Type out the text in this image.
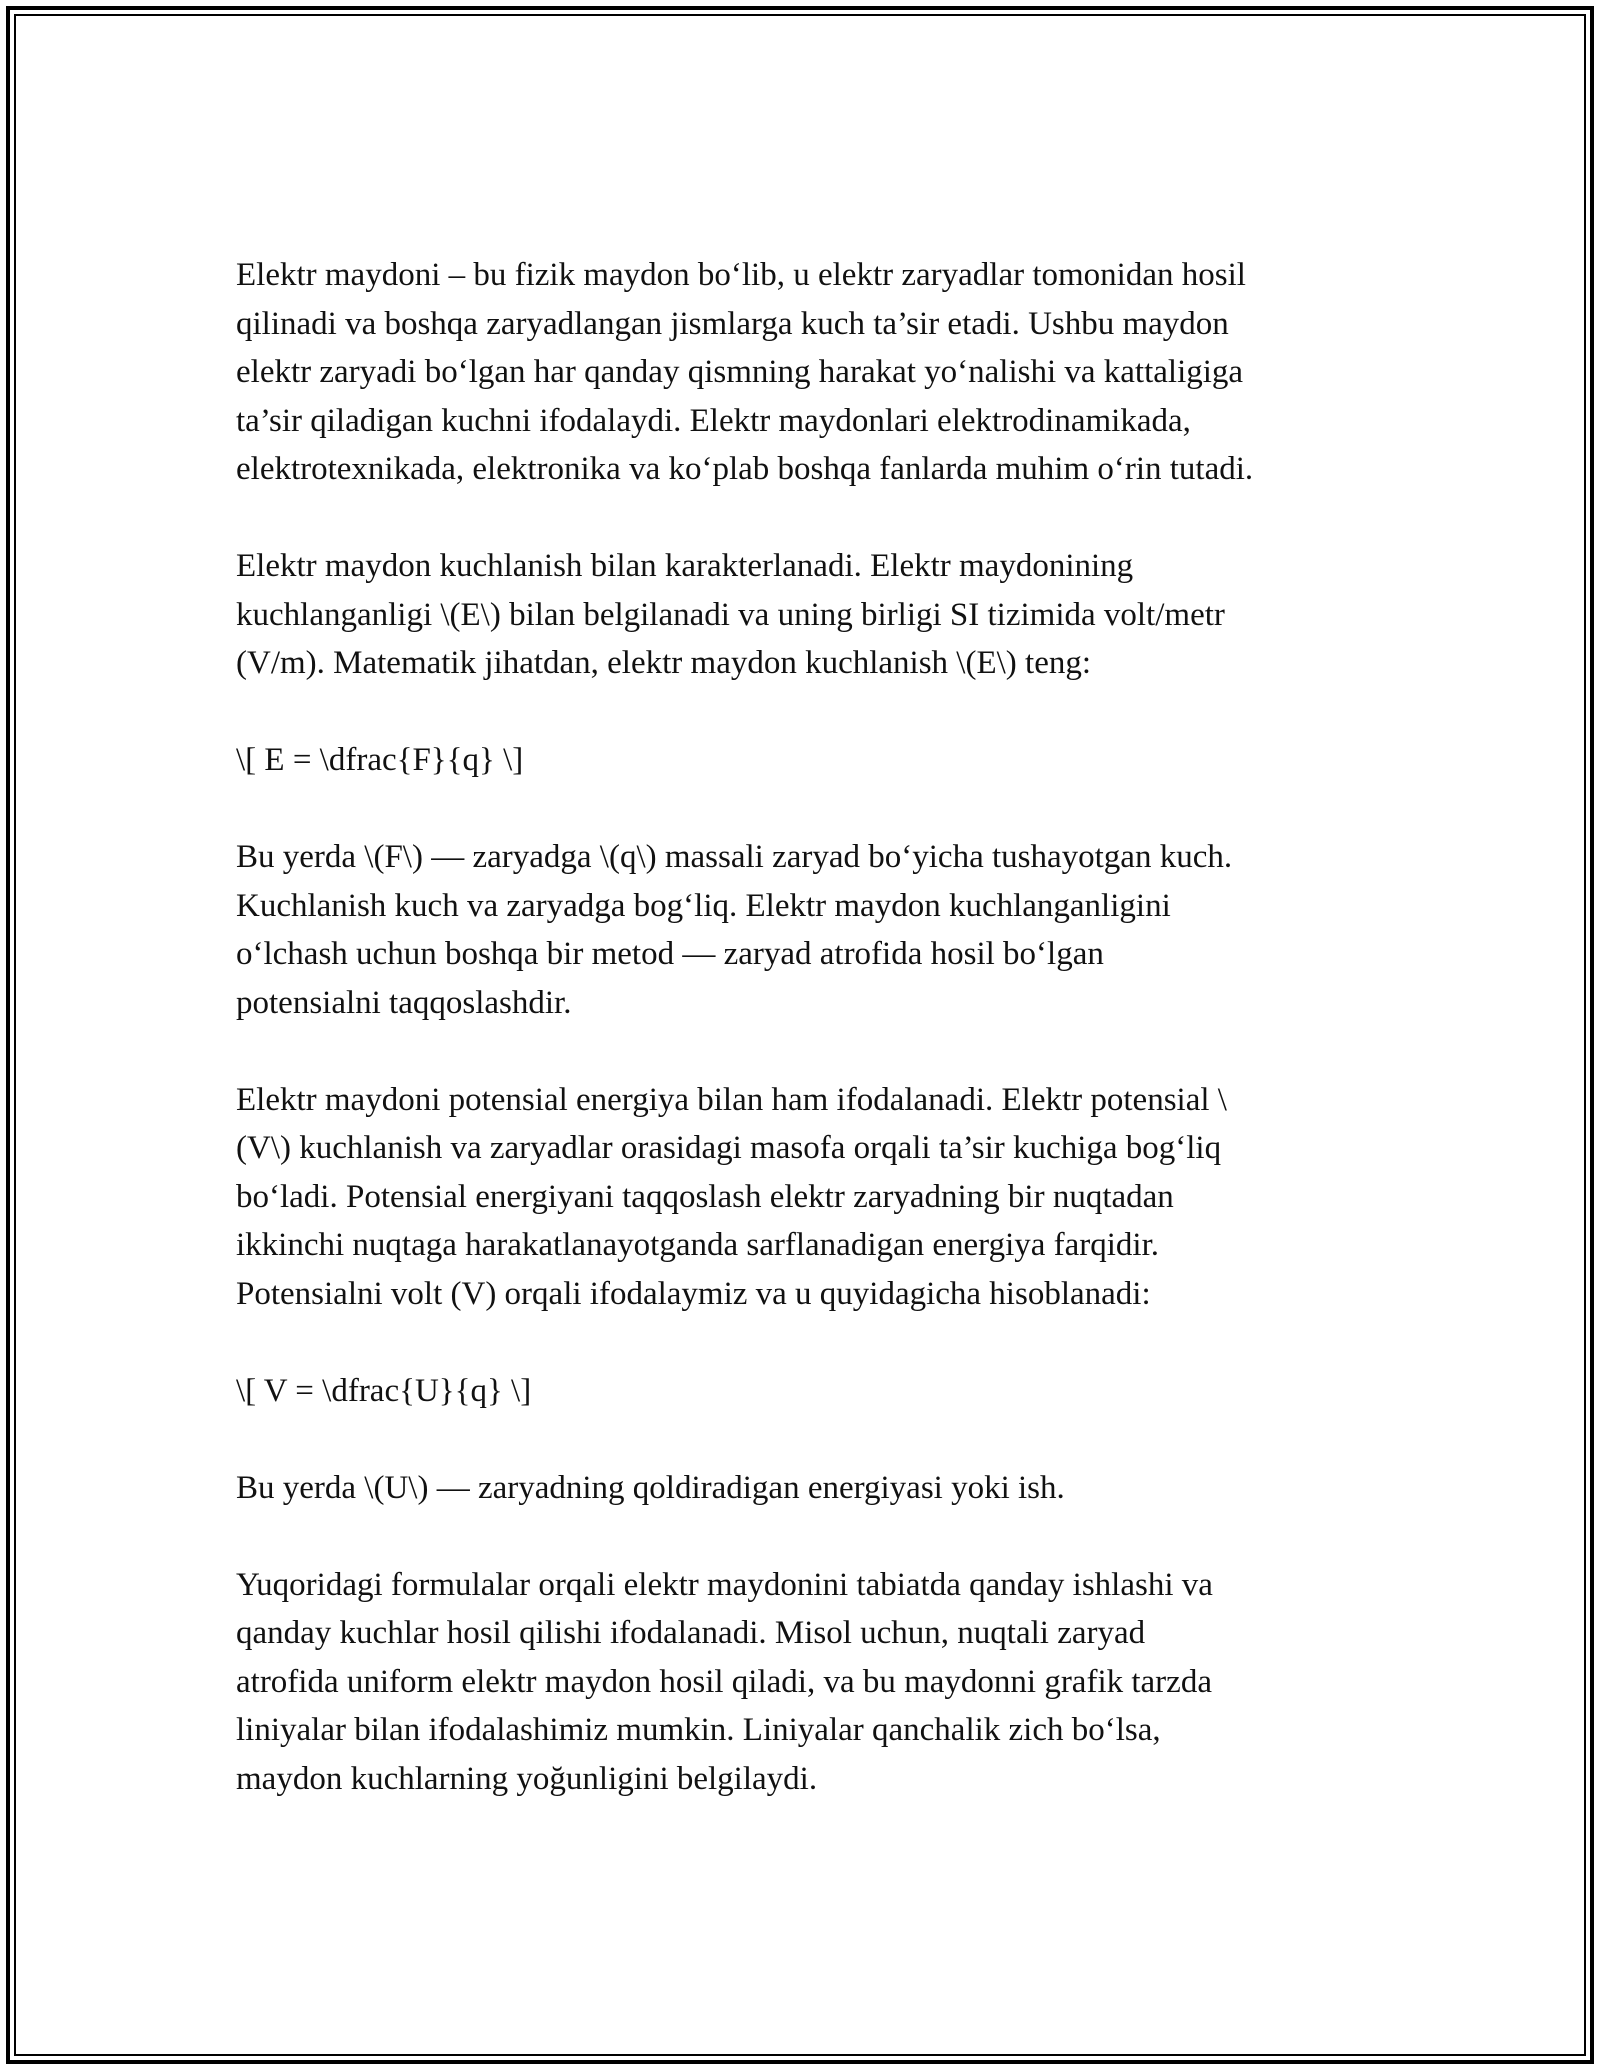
Elektr maydoni – bu fizik maydon bo‘lib, u elektr zaryadlar tomonidan hosil
qilinadi va boshqa zaryadlangan jismlarga kuch ta’sir etadi. Ushbu maydon
elektr zaryadi bo‘lgan har qanday qismning harakat yo‘nalishi va kattaligiga
ta’sir qiladigan kuchni ifodalaydi. Elektr maydonlari elektrodinamikada,
elektrotexnikada, elektronika va ko‘plab boshqa fanlarda muhim o‘rin tutadi.

Elektr maydon kuchlanish bilan karakterlanadi. Elektr maydonining
kuchlanganligi \(E\) bilan belgilanadi va uning birligi SI tizimida volt/metr
(V/m). Matematik jihatdan, elektr maydon kuchlanish \(E\) teng:

\[ E = \dfrac{F}{q} \]

Bu yerda \(F\) — zaryadga \(q\) massali zaryad bo‘yicha tushayotgan kuch.
Kuchlanish kuch va zaryadga bog‘liq. Elektr maydon kuchlanganligini
o‘lchash uchun boshqa bir metod — zaryad atrofida hosil bo‘lgan
potensialni taqqoslashdir.

Elektr maydoni potensial energiya bilan ham ifodalanadi. Elektr potensial \
(V\) kuchlanish va zaryadlar orasidagi masofa orqali ta’sir kuchiga bog‘liq
bo‘ladi. Potensial energiyani taqqoslash elektr zaryadning bir nuqtadan
ikkinchi nuqtaga harakatlanayotganda sarflanadigan energiya farqidir.
Potensialni volt (V) orqali ifodalaymiz va u quyidagicha hisoblanadi:

\[ V = \dfrac{U}{q} \]

Bu yerda \(U\) — zaryadning qoldiradigan energiyasi yoki ish.

Yuqoridagi formulalar orqali elektr maydonini tabiatda qanday ishlashi va
qanday kuchlar hosil qilishi ifodalanadi. Misol uchun, nuqtali zaryad
atrofida uniform elektr maydon hosil qiladi, va bu maydonni grafik tarzda
liniyalar bilan ifodalashimiz mumkin. Liniyalar qanchalik zich bo‘lsa,
maydon kuchlarning yoğunligini belgilaydi.
